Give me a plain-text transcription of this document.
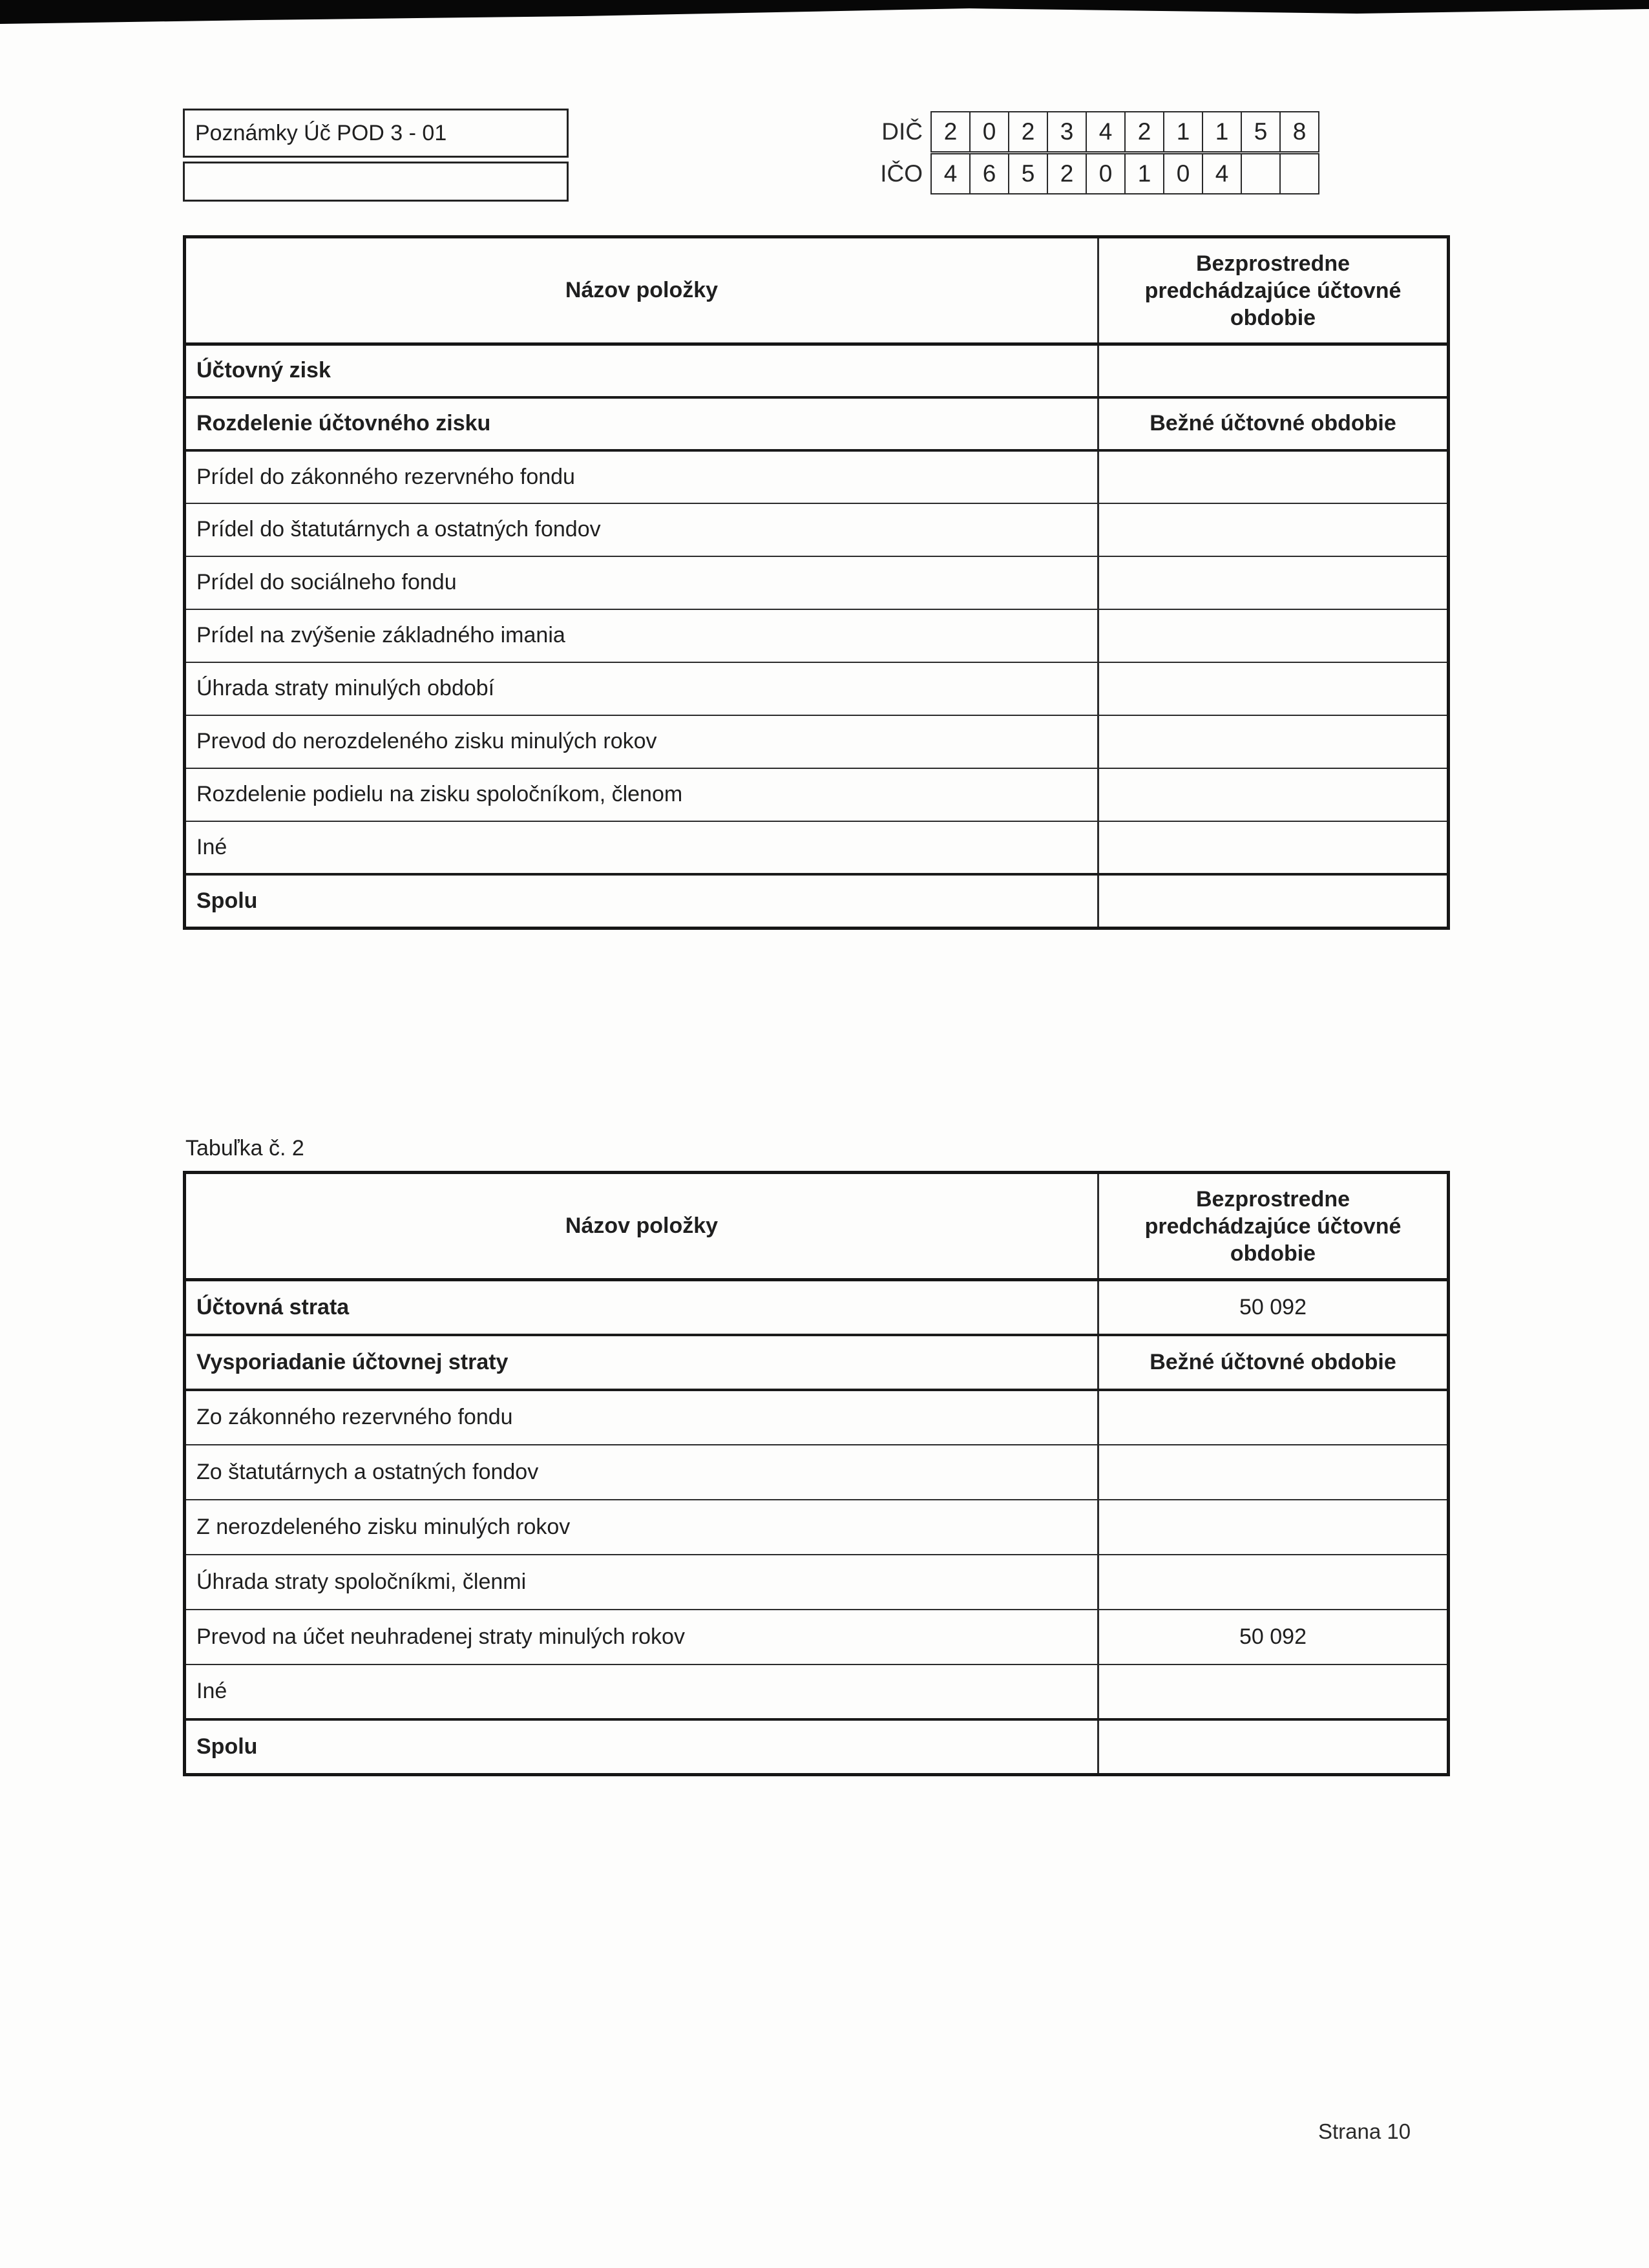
Poznámky Úč POD 3 - 01	DIČ 2	0	2	3	4	2	1	1	5	8
IČO 4	6	5	2	0	1	0	4		
Názov položky	Bezprostredne predchádzajúce účtovné obdobie

Účtovný zisk	
Rozdelenie účtovného zisku	Bežné účtovné obdobie
Prídel do zákonného rezervného fondu	
Prídel do štatutárnych a ostatných fondov	
Prídel do sociálneho fondu	
Prídel na zvýšenie základného imania	
Úhrada straty minulých období	
Prevod do nerozdeleného zisku minulých rokov	
Rozdelenie podielu na zisku spoločníkom, členom	
Iné	
Spolu	
Tabuľka č. 2
Názov položky	Bezprostredne predchádzajúce účtovné obdobie

Účtovná strata	50 092
Vysporiadanie účtovnej straty	Bežné účtovné obdobie
Zo zákonného rezervného fondu	
Zo štatutárnych a ostatných fondov	
Z nerozdeleného zisku minulých rokov	
Úhrada straty spoločníkmi, členmi	
Prevod na účet neuhradenej straty minulých rokov	50 092
Iné	
Spolu	
Strana 10
